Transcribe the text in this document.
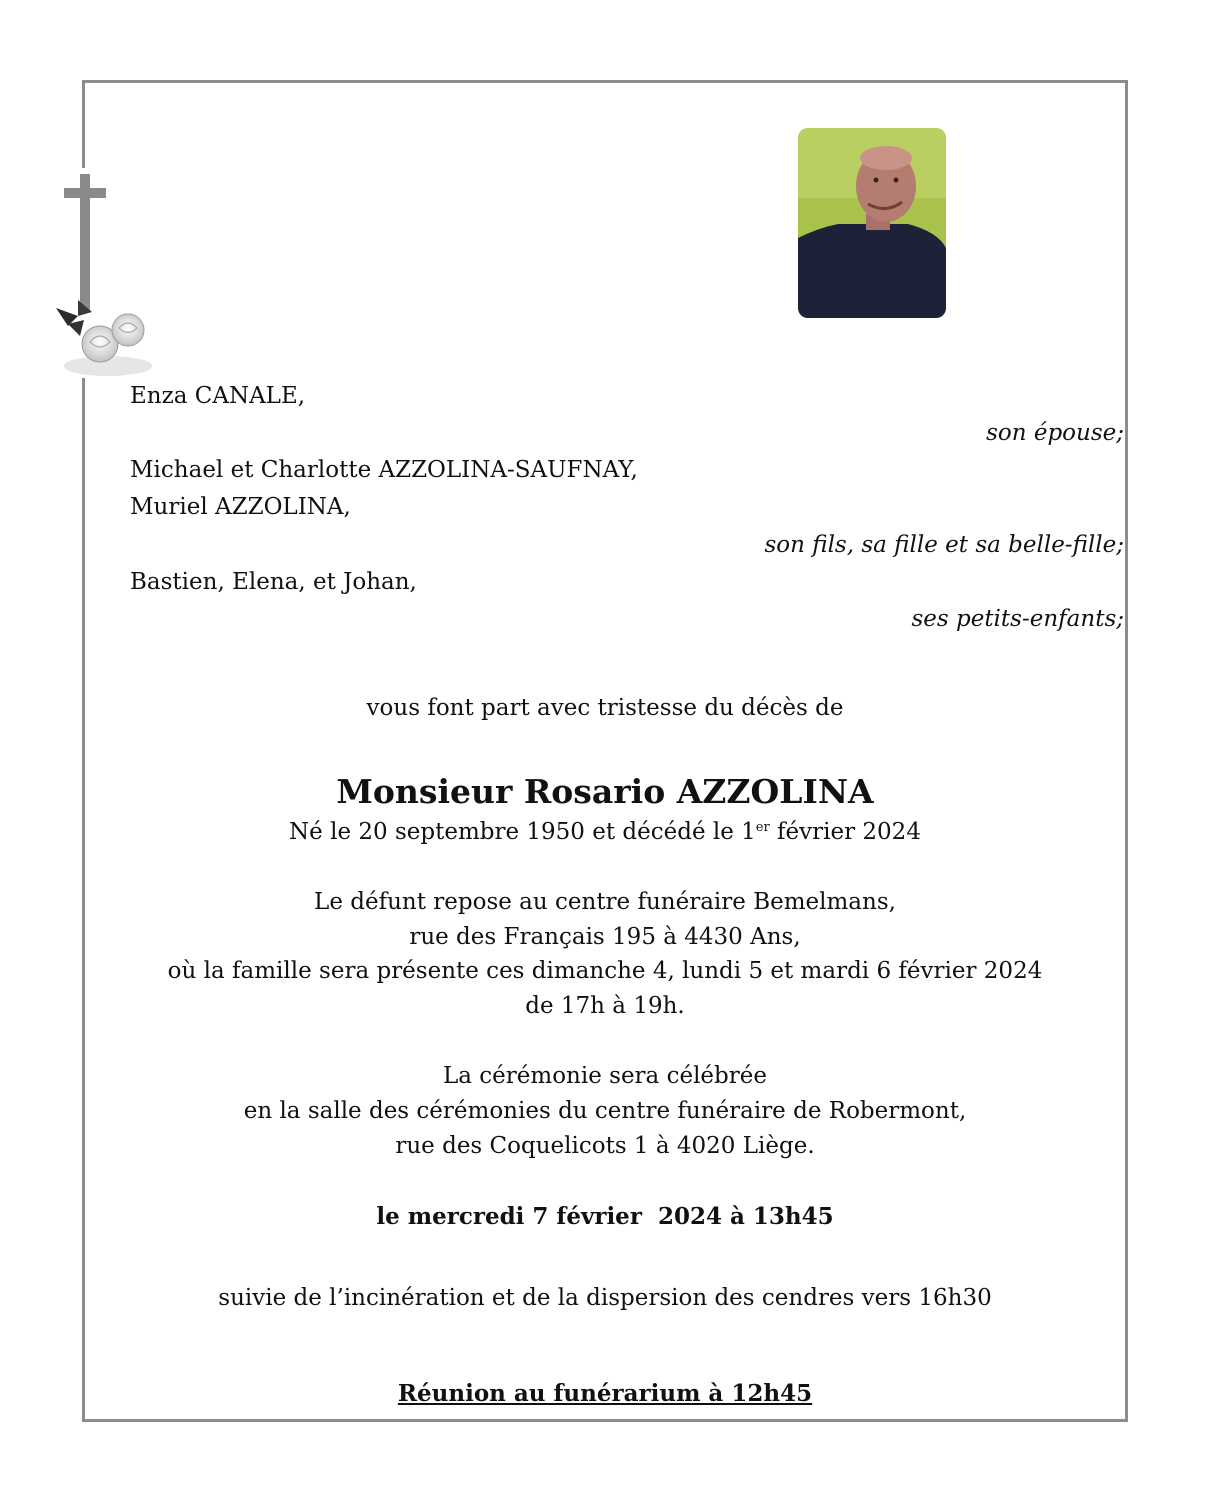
Enza CANALE,
son épouse;
Michael et Charlotte AZZOLINA-SAUFNAY,
Muriel AZZOLINA,
son fils, sa fille et sa belle-fille;
Bastien, Elena, et Johan,
ses petits-enfants;
vous font part avec tristesse du décès de
Monsieur Rosario AZZOLINA
Né le 20 septembre 1950 et décédé le 1er février 2024
Le défunt repose au centre funéraire Bemelmans,
rue des Français 195 à 4430 Ans,
où la famille sera présente ces dimanche 4, lundi 5 et mardi 6 février 2024
de 17h à 19h.
La cérémonie sera célébrée
en la salle des cérémonies du centre funéraire de Robermont,
rue des Coquelicots 1 à 4020 Liège.
le mercredi 7 février  2024 à 13h45
suivie de l’incinération et de la dispersion des cendres vers 16h30
Réunion au funérarium à 12h45
